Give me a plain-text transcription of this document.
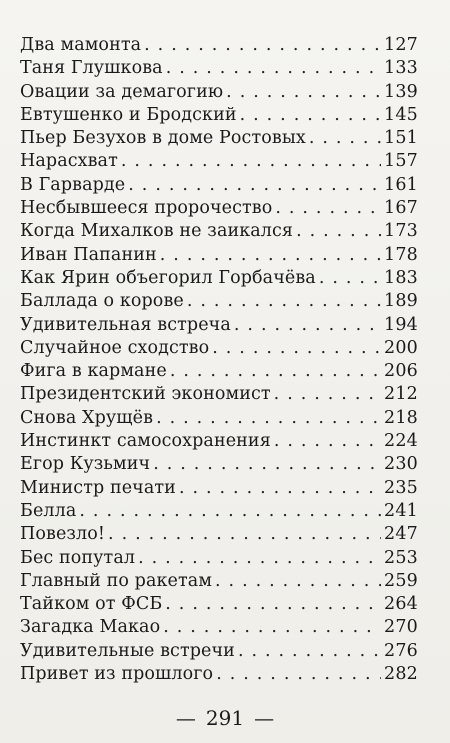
Два мамонта . . .	127
Таня Глушкова . . .	133
Овации за демагогию . . .	139
Евтушенко и Бродский . . .	145
Пьер Безухов в доме Ростовых . . .	151
Нарасхват . . .	157
В Гарварде . . .	161
Несбывшееся пророчество . . .	167
Когда Михалков не заикался . . .	173
Иван Папанин . . .	178
Как Ярин объегорил Горбачёва . . .	183
Баллада о корове . . .	189
Удивительная встреча . . .	194
Случайное сходство . . .	200
Фига в кармане . . .	206
Президентский экономист . . .	212
Снова Хрущёв . . .	218
Инстинкт самосохранения . . .	224
Егор Кузьмич . . .	230
Министр печати . . .	235
Белла . . .	241
Повезло! . . .	247
Бес попутал . . .	253
Главный по ракетам . . .	259
Тайком от ФСБ . . .	264
Загадка Макао . . .	270
Удивительные встречи . . .	276
Привет из прошлого . . .	282
— 291 —
